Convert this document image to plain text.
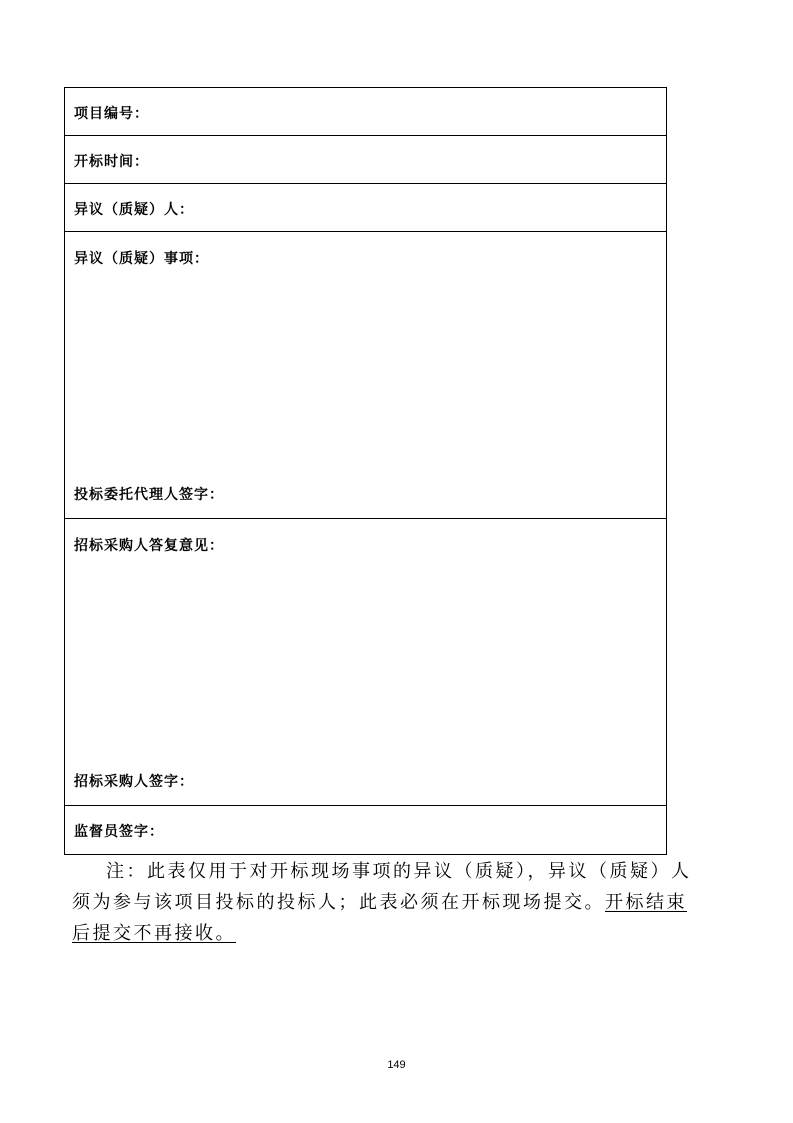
项目编号：
开标时间：
异议（质疑）人：
异议（质疑）事项：
投标委托代理人签字：
招标采购人答复意见：
招标采购人签字：
监督员签字：
注：此表仅用于对开标现场事项的异议（质疑），异议（质疑）人
须为参与该项目投标的投标人；此表必须在开标现场提交。开标结束
后提交不再接收。
149
